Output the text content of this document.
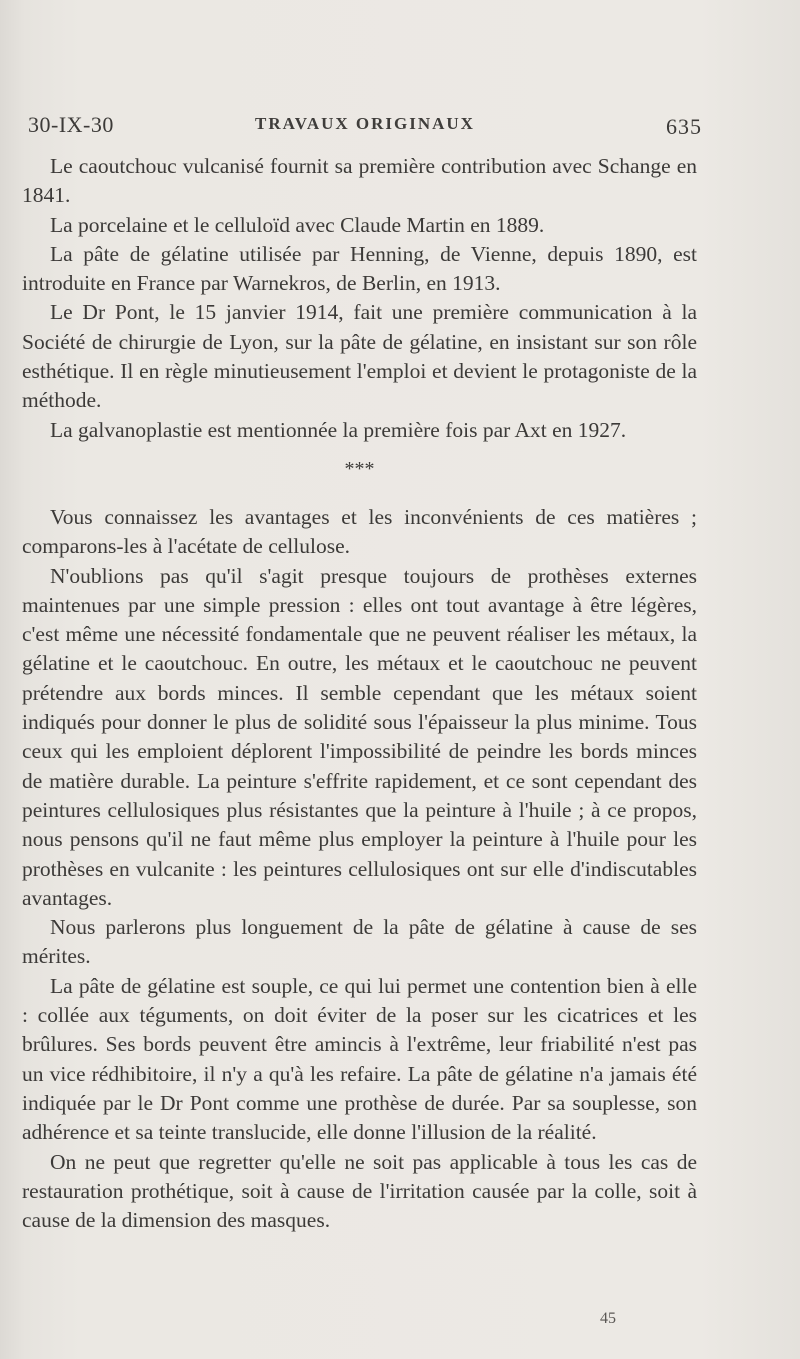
30-IX-30	TRAVAUX ORIGINAUX	635

Le caoutchouc vulcanisé fournit sa première contribution avec Schange en 1841.

La porcelaine et le celluloïd avec Claude Martin en 1889.

La pâte de gélatine utilisée par Henning, de Vienne, depuis 1890, est introduite en France par Warnekros, de Berlin, en 1913.

Le Dr Pont, le 15 janvier 1914, fait une première communication à la Société de chirurgie de Lyon, sur la pâte de gélatine, en insistant sur son rôle esthétique. Il en règle minutieusement l'emploi et devient le protagoniste de la méthode.

La galvanoplastie est mentionnée la première fois par Axt en 1927.

***

Vous connaissez les avantages et les inconvénients de ces matières ; comparons-les à l'acétate de cellulose.

N'oublions pas qu'il s'agit presque toujours de prothèses externes maintenues par une simple pression : elles ont tout avantage à être légères, c'est même une nécessité fondamentale que ne peuvent réaliser les métaux, la gélatine et le caoutchouc. En outre, les métaux et le caoutchouc ne peuvent prétendre aux bords minces. Il semble cependant que les métaux soient indiqués pour donner le plus de solidité sous l'épaisseur la plus minime. Tous ceux qui les emploient déplorent l'impossibilité de peindre les bords minces de matière durable. La peinture s'effrite rapidement, et ce sont cependant des peintures cellulosiques plus résistantes que la peinture à l'huile ; à ce propos, nous pensons qu'il ne faut même plus employer la peinture à l'huile pour les prothèses en vulcanite : les peintures cellulosiques ont sur elle d'indiscutables avantages.

Nous parlerons plus longuement de la pâte de gélatine à cause de ses mérites.

La pâte de gélatine est souple, ce qui lui permet une contention bien à elle : collée aux téguments, on doit éviter de la poser sur les cicatrices et les brûlures. Ses bords peuvent être amincis à l'extrême, leur friabilité n'est pas un vice rédhibitoire, il n'y a qu'à les refaire. La pâte de gélatine n'a jamais été indiquée par le Dr Pont comme une prothèse de durée. Par sa souplesse, son adhérence et sa teinte translucide, elle donne l'illusion de la réalité.

On ne peut que regretter qu'elle ne soit pas applicable à tous les cas de restauration prothétique, soit à cause de l'irritation causée par la colle, soit à cause de la dimension des masques.

45
